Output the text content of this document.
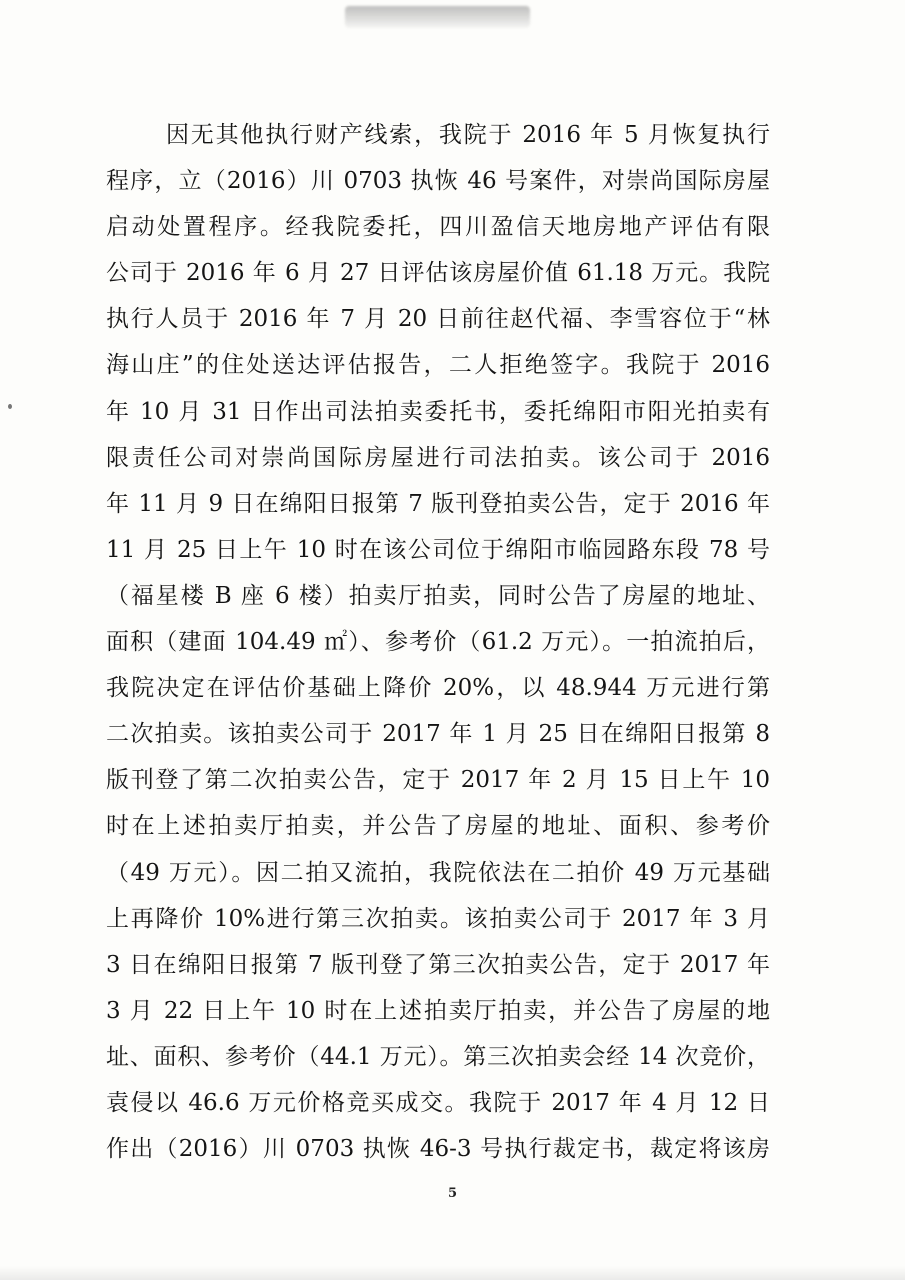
因无其他执行财产线索，我院于 2016 年 5 月恢复执行
程序，立（2016）川 0703 执恢 46 号案件，对崇尚国际房屋
启动处置程序。经我院委托，四川盈信天地房地产评估有限
公司于 2016 年 6 月 27 日评估该房屋价值 61.18 万元。我院
执行人员于 2016 年 7 月 20 日前往赵代福、李雪容位于“林
海山庄”的住处送达评估报告，二人拒绝签字。我院于 2016
年 10 月 31 日作出司法拍卖委托书，委托绵阳市阳光拍卖有
限责任公司对崇尚国际房屋进行司法拍卖。该公司于 2016
年 11 月 9 日在绵阳日报第 7 版刊登拍卖公告，定于 2016 年
11 月 25 日上午 10 时在该公司位于绵阳市临园路东段 78 号
（福星楼 B 座 6 楼）拍卖厅拍卖，同时公告了房屋的地址、
面积（建面 104.49 ㎡）、参考价（61.2 万元）。一拍流拍后，
我院决定在评估价基础上降价 20%，以 48.944 万元进行第
二次拍卖。该拍卖公司于 2017 年 1 月 25 日在绵阳日报第 8
版刊登了第二次拍卖公告，定于 2017 年 2 月 15 日上午 10
时在上述拍卖厅拍卖，并公告了房屋的地址、面积、参考价
（49 万元）。因二拍又流拍，我院依法在二拍价 49 万元基础
上再降价 10%进行第三次拍卖。该拍卖公司于 2017 年 3 月
3 日在绵阳日报第 7 版刊登了第三次拍卖公告，定于 2017 年
3 月 22 日上午 10 时在上述拍卖厅拍卖，并公告了房屋的地
址、面积、参考价（44.1 万元）。第三次拍卖会经 14 次竞价，
袁侵以 46.6 万元价格竞买成交。我院于 2017 年 4 月 12 日
作出（2016）川 0703 执恢 46-3 号执行裁定书，裁定将该房
5
